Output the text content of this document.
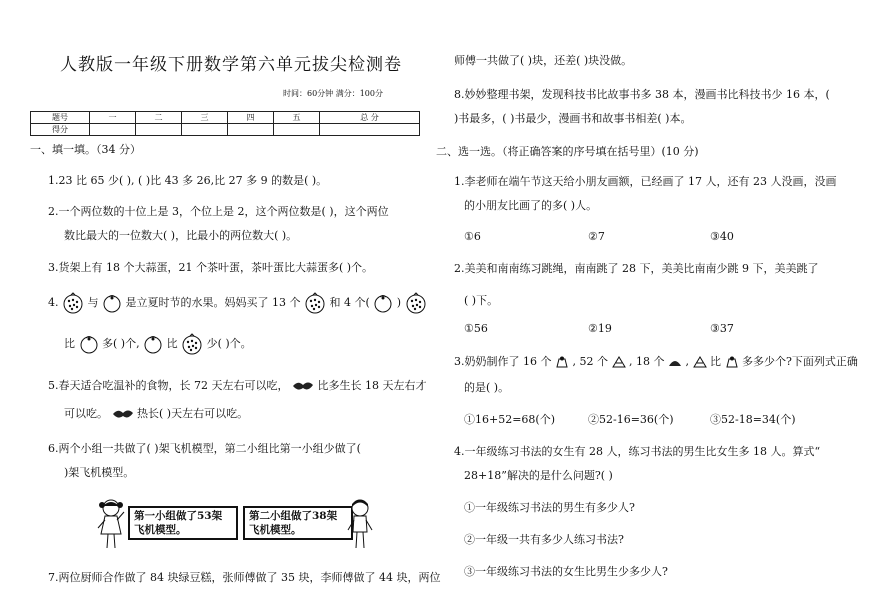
人教版一年级下册数学第六单元拔尖检测卷
时间：60分钟 满分：100分
题号	一	二	三	四	五	总 分
得分						
一、填一填。（34 分）
1.23 比 65 少( ), ( )比 43 多 26,比 27 多 9 的数是( )。
2.一个两位数的十位上是 3，个位上是 2，这个两位数是( )，这个两位
数比最大的一位数大( )，比最小的两位数大( )。
3.货架上有 18 个大蒜蛋，21 个茶叶蛋，茶叶蛋比大蒜蛋多( )个。
4.	与 是立夏时节的水果。妈妈买了 13 个	和 4 个( )
比 多( )个, 比	少( )个。
5.春天适合吃温补的食物，长 72 天左右可以吃，	比多生长 18 天左右才
可以吃。	热长( )天左右可以吃。
6.两个小组一共做了( )架飞机模型，第二小组比第一小组少做了(
)架飞机模型。
第一小组做了53架飞机模型。
第二小组做了38架飞机模型。
7.两位厨师合作做了 84 块绿豆糕，张师傅做了 35 块，李师傅做了 44 块，两位
师傅一共做了( )块，还差( )块没做。
8.妙妙整理书架，发现科技书比故事书多 38 本，漫画书比科技书少 16 本，(
)书最多，( )书最少，漫画书和故事书相差( )本。
二、选一选。（将正确答案的序号填在括号里）(10 分)
1.李老师在端午节这天给小朋友画额，已经画了 17 人，还有 23 人没画，没画
的小朋友比画了的多( )人。
①6	②7	③40
2.美美和南南练习跳绳，南南跳了 28 下，美美比南南少跳 9 下，美美跳了
( )下。
①56	②19	③37
3.奶奶制作了 16 个 , 52 个 , 18 个 , 比 多多少个?下面列式正确
的是( )。
①16+52=68(个)	②52-16=36(个)	③52-18=34(个)
4.一年级练习书法的女生有 28 人，练习书法的男生比女生多 18 人。算式“
28+18”解决的是什么问题?( )
①一年级练习书法的男生有多少人?
②一年级一共有多少人练习书法?
③一年级练习书法的女生比男生少多少人?
